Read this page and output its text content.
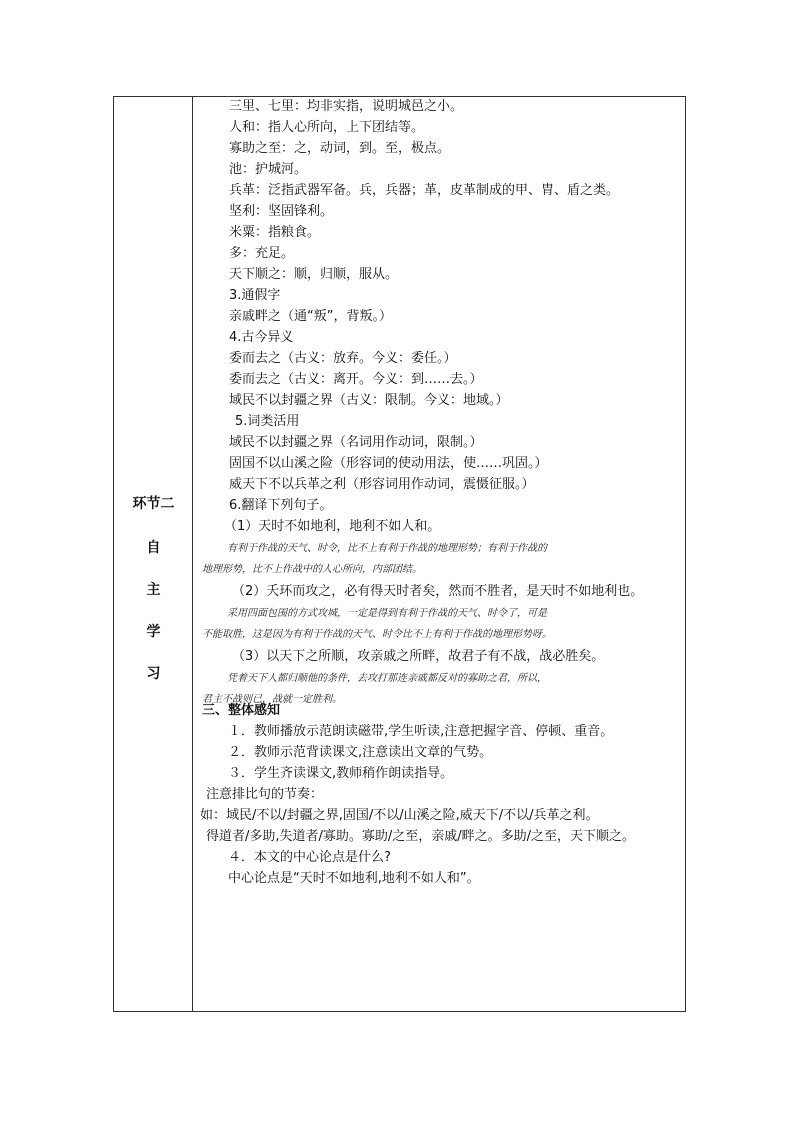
环节二
自
主
学
习
三里、七里：均非实指，说明城邑之小。
人和：指人心所向，上下团结等。
寡助之至：之，动词，到。至，极点。
池：护城河。
兵革：泛指武器军备。兵，兵器；革，皮革制成的甲、胄、盾之类。
坚利：坚固锋利。
米粟：指粮食。
多：充足。
天下顺之：顺，归顺，服从。
3.通假字
亲戚畔之（通“叛”，背叛。）
4.古今异义
委而去之（古义：放弃。今义：委任。）
委而去之（古义：离开。今义：到……去。）
域民不以封疆之界（古义：限制。今义：地域。）
5.词类活用
域民不以封疆之界（名词用作动词，限制。）
固国不以山溪之险（形容词的使动用法，使……巩固。）
威天下不以兵革之利（形容词用作动词，震慑征服。）
6.翻译下列句子。
（1）天时不如地利，地利不如人和。
有利于作战的天气、时令，比不上有利于作战的地理形势；有利于作战的
地理形势，比不上作战中的人心所向，内部团结。
（2）夭环而攻之，必有得天时者矣，然而不胜者，是天时不如地利也。
采用四面包围的方式攻城，一定是得到有利于作战的天气、时令了，可是
不能取胜，这是因为有利于作战的天气、时令比不上有利于作战的地理形势呀。
（3）以天下之所顺，攻亲戚之所畔，故君子有不战，战必胜矣。
凭着天下人都归顺他的条件，去攻打那连亲戚都反对的寡助之君，所以，
君主不战则已，战就一定胜利。
三、整体感知
１．教师播放示范朗读磁带,学生听读,注意把握字音、停顿、重音。
２．教师示范背读课文,注意读出文章的气势。
３．学生齐读课文,教师稍作朗读指导。
注意排比句的节奏：
如：域民/不以/封疆之界,固国/不以/山溪之险,威天下/不以/兵革之利。
得道者/多助,失道者/寡助。寡助/之至，亲戚/畔之。多助/之至，天下顺之。
４．本文的中心论点是什么?
中心论点是“天时不如地利,地利不如人和”。
